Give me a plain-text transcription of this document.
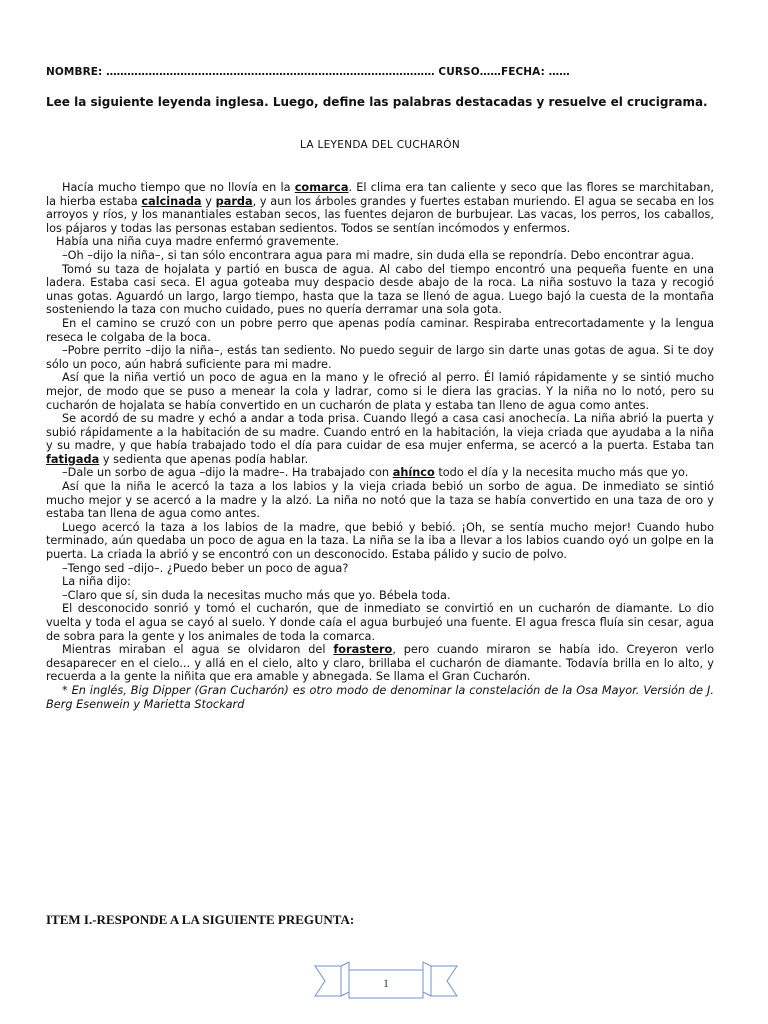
NOMBRE: ………………………………………………………………………………… CURSO……FECHA: ……
Lee la siguiente leyenda inglesa. Luego, define las palabras destacadas y resuelve el crucigrama.
LA LEYENDA DEL CUCHARÓN

Hacía mucho tiempo que no llovía en la comarca. El clima era tan caliente y seco que las flores se marchitaban, la hierba estaba calcinada y parda, y aun los árboles grandes y fuertes estaban muriendo. El agua se secaba en los arroyos y ríos, y los manantiales estaban secos, las fuentes dejaron de burbujear. Las vacas, los perros, los caballos, los pájaros y todas las personas estaban sedientos. Todos se sentían incómodos y enfermos.

Había una niña cuya madre enfermó gravemente.

–Oh –dijo la niña–, si tan sólo encontrara agua para mi madre, sin duda ella se repondría. Debo encontrar agua.

Tomó su taza de hojalata y partió en busca de agua. Al cabo del tiempo encontró una pequeña fuente en una ladera. Estaba casi seca. El agua goteaba muy despacio desde abajo de la roca. La niña sostuvo la taza y recogió unas gotas. Aguardó un largo, largo tiempo, hasta que la taza se llenó de agua. Luego bajó la cuesta de la montaña sosteniendo la taza con mucho cuidado, pues no quería derramar una sola gota.

En el camino se cruzó con un pobre perro que apenas podía caminar. Respiraba entrecortadamente y la lengua reseca le colgaba de la boca.

–Pobre perrito –dijo la niña–, estás tan sediento. No puedo seguir de largo sin darte unas gotas de agua. Si te doy sólo un poco, aún habrá suficiente para mi madre.

Así que la niña vertió un poco de agua en la mano y le ofreció al perro. Él lamió rápidamente y se sintió mucho mejor, de modo que se puso a menear la cola y ladrar, como si le diera las gracias. Y la niña no lo notó, pero su cucharón de hojalata se había convertido en un cucharón de plata y estaba tan lleno de agua como antes.

Se acordó de su madre y echó a andar a toda prisa. Cuando llegó a casa casi anochecía. La niña abrió la puerta y subió rápidamente a la habitación de su madre. Cuando entró en la habitación, la vieja criada que ayudaba a la niña y su madre, y que había trabajado todo el día para cuidar de esa mujer enferma, se acercó a la puerta. Estaba tan fatigada y sedienta que apenas podía hablar.

–Dale un sorbo de agua –dijo la madre–. Ha trabajado con ahínco todo el día y la necesita mucho más que yo.

Así que la niña le acercó la taza a los labios y la vieja criada bebió un sorbo de agua. De inmediato se sintió mucho mejor y se acercó a la madre y la alzó. La niña no notó que la taza se había convertido en una taza de oro y estaba tan llena de agua como antes.

Luego acercó la taza a los labios de la madre, que bebió y bebió. ¡Oh, se sentía mucho mejor! Cuando hubo terminado, aún quedaba un poco de agua en la taza. La niña se la iba a llevar a los labios cuando oyó un golpe en la puerta. La criada la abrió y se encontró con un desconocido. Estaba pálido y sucio de polvo.

–Tengo sed –dijo–. ¿Puedo beber un poco de agua?

La niña dijo:

–Claro que sí, sin duda la necesitas mucho más que yo. Bébela toda.

El desconocido sonrió y tomó el cucharón, que de inmediato se convirtió en un cucharón de diamante. Lo dio vuelta y toda el agua se cayó al suelo. Y donde caía el agua burbujeó una fuente. El agua fresca fluía sin cesar, agua de sobra para la gente y los animales de toda la comarca.

Mientras miraban el agua se olvidaron del forastero, pero cuando miraron se había ido. Creyeron verlo desaparecer en el cielo... y allá en el cielo, alto y claro, brillaba el cucharón de diamante. Todavía brilla en lo alto, y recuerda a la gente la niñita que era amable y abnegada. Se llama el Gran Cucharón.

* En inglés, Big Dipper (Gran Cucharón) es otro modo de denominar la constelación de la Osa Mayor. Versión de J. Berg Esenwein y Marietta Stockard

ITEM I.-RESPONDE A LA SIGUIENTE PREGUNTA:
1
